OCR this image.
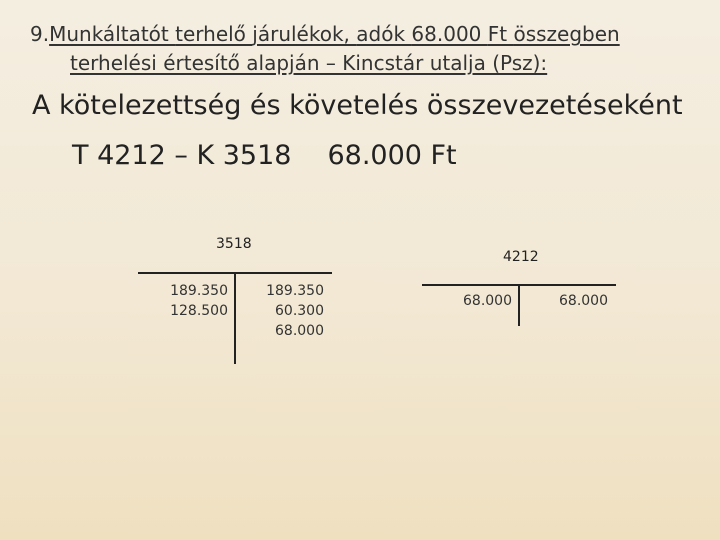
9.Munkáltatót terhelő járulékok, adók 68.000 Ft összegben
terhelési értesítő alapján – Kincstár utalja (Psz):
A kötelezettség és követelés összevezetéseként
T 4212 – K 3518 68.000 Ft
3518
189.350
128.500
189.350
60.300
68.000
4212
68.000	68.000
